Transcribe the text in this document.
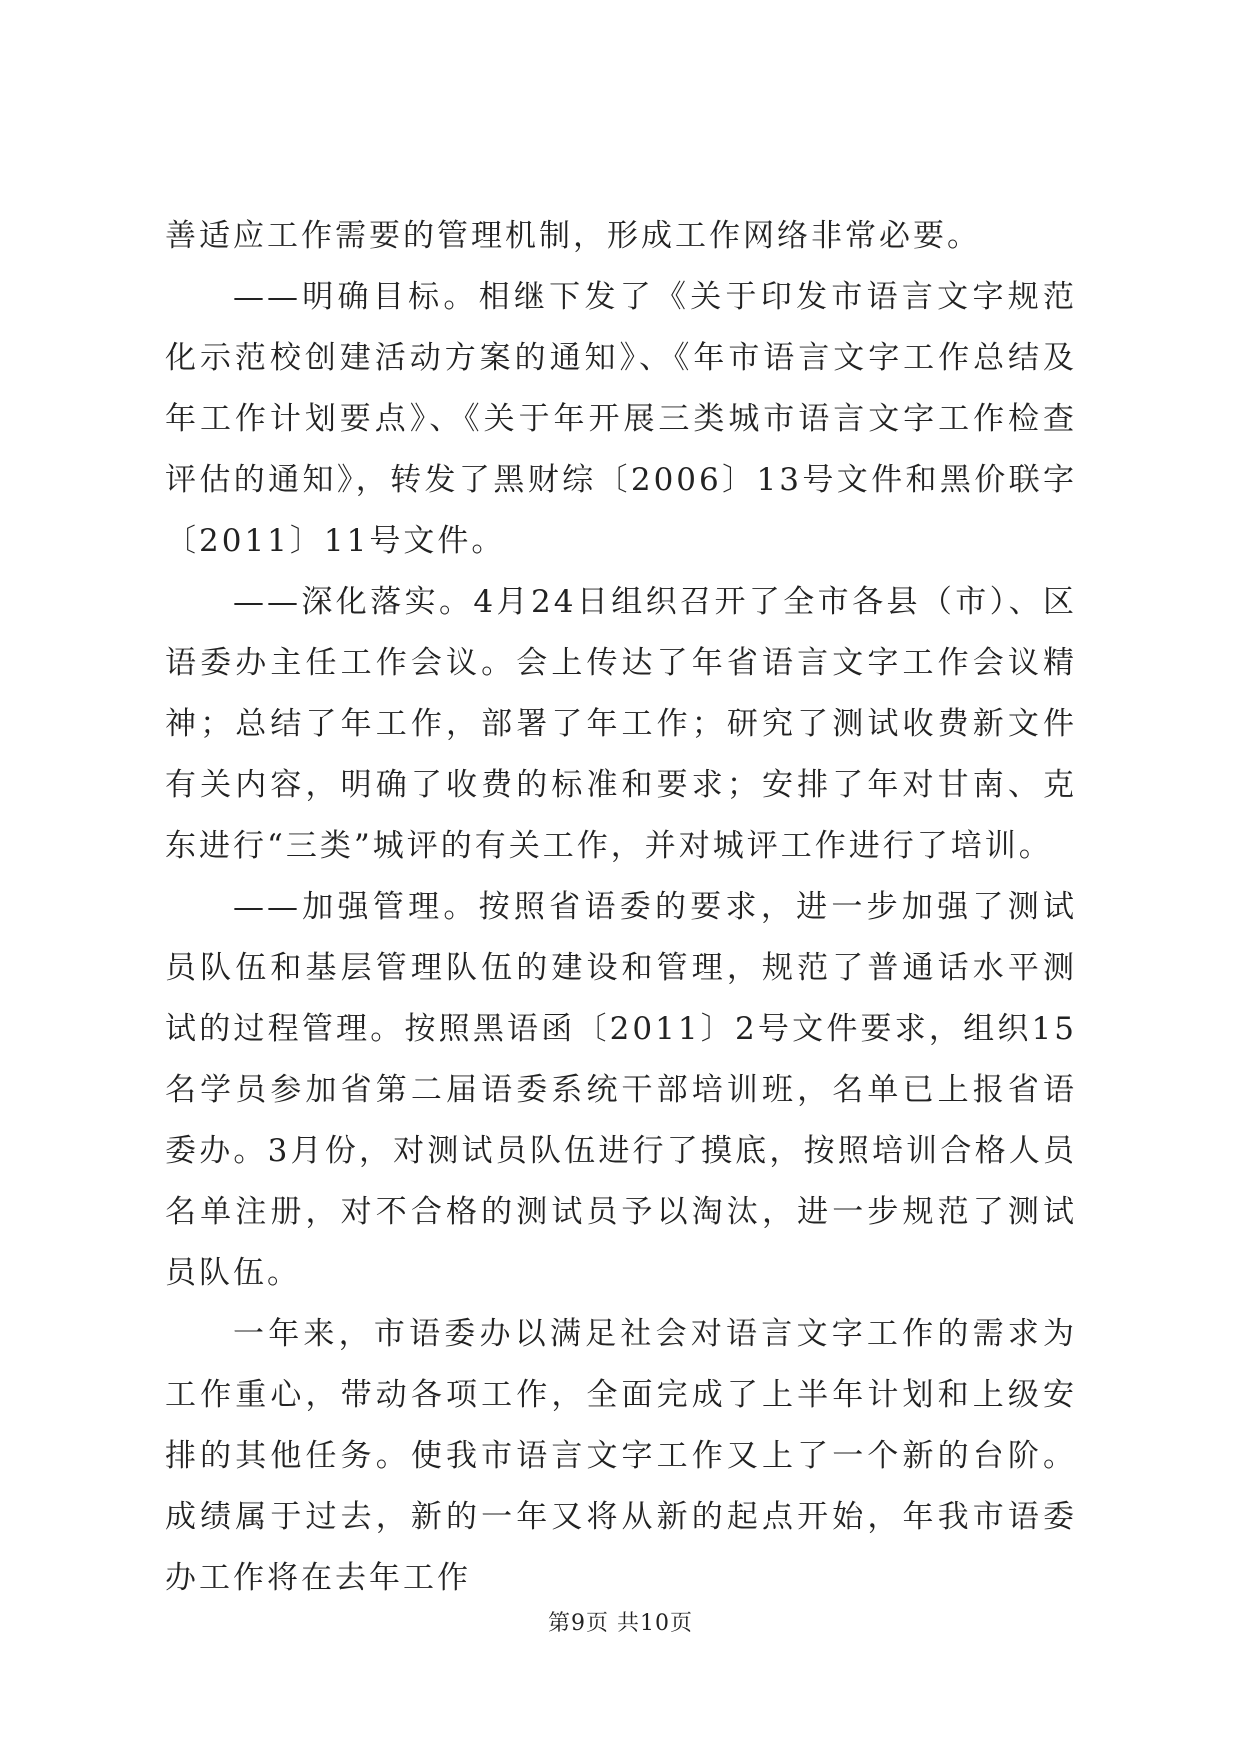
善适应工作需要的管理机制，形成工作网络非常必要。

——明确目标。相继下发了《关于印发市语言文字规范化示范校创建活动方案的通知》、《年市语言文字工作总结及年工作计划要点》、《关于年开展三类城市语言文字工作检查评估的通知》，转发了黑财综〔2006〕13号文件和黑价联字〔2011〕11号文件。

——深化落实。4月24日组织召开了全市各县（市）、区语委办主任工作会议。会上传达了年省语言文字工作会议精神；总结了年工作，部署了年工作；研究了测试收费新文件有关内容，明确了收费的标准和要求；安排了年对甘南、克东进行“三类”城评的有关工作，并对城评工作进行了培训。

——加强管理。按照省语委的要求，进一步加强了测试员队伍和基层管理队伍的建设和管理，规范了普通话水平测试的过程管理。按照黑语函〔2011〕2号文件要求，组织15名学员参加省第二届语委系统干部培训班，名单已上报省语委办。3月份，对测试员队伍进行了摸底，按照培训合格人员名单注册，对不合格的测试员予以淘汰，进一步规范了测试员队伍。

一年来，市语委办以满足社会对语言文字工作的需求为工作重心，带动各项工作，全面完成了上半年计划和上级安排的其他任务。使我市语言文字工作又上了一个新的台阶。成绩属于过去，新的一年又将从新的起点开始，年我市语委办工作将在去年工作

第9页 共10页
